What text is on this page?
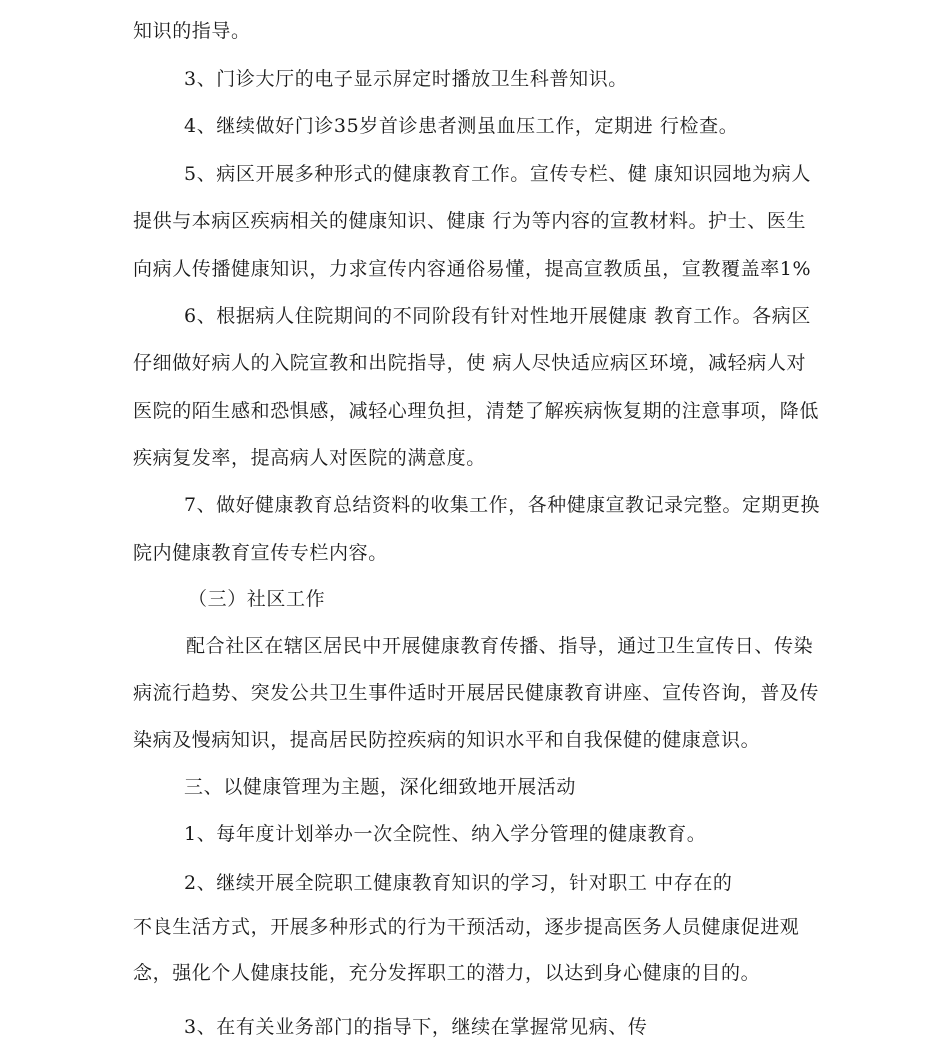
知识的指导。
3、门诊大厅的电子显示屏定时播放卫生科普知识。
4、继续做好门诊35岁首诊患者测虽血压工作，定期进 行检查。
5、病区开展多种形式的健康教育工作。宣传专栏、健 康知识园地为病人
提供与本病区疾病相关的健康知识、健康 行为等内容的宣教材料。护士、医生
向病人传播健康知识，力求宣传内容通俗易懂，提高宣教质虽，宣教覆盖率1%
6、根据病人住院期间的不同阶段有针对性地开展健康 教育工作。各病区
仔细做好病人的入院宣教和出院指导，使 病人尽快适应病区环境，减轻病人对
医院的陌生感和恐惧感，减轻心理负担，清楚了解疾病恢复期的注意事项，降低
疾病复发率，提高病人对医院的满意度。
7、做好健康教育总结资料的收集工作，各种健康宣教记录完整。定期更换
院内健康教育宣传专栏内容。
（三）社区工作
配合社区在辖区居民中开展健康教育传播、指导，通过卫生宣传日、传染
病流行趋势、突发公共卫生事件适时开展居民健康教育讲座、宣传咨询，普及传
染病及慢病知识，提高居民防控疾病的知识水平和自我保健的健康意识。
三、以健康管理为主题，深化细致地开展活动
1、每年度计划举办一次全院性、纳入学分管理的健康教育。
2、继续开展全院职工健康教育知识的学习，针对职工 中存在的
不良生活方式，开展多种形式的行为干预活动，逐步提高医务人员健康促进观
念，强化个人健康技能，充分发挥职工的潜力，以达到身心健康的目的。
3、在有关业务部门的指导下，继续在掌握常见病、传
